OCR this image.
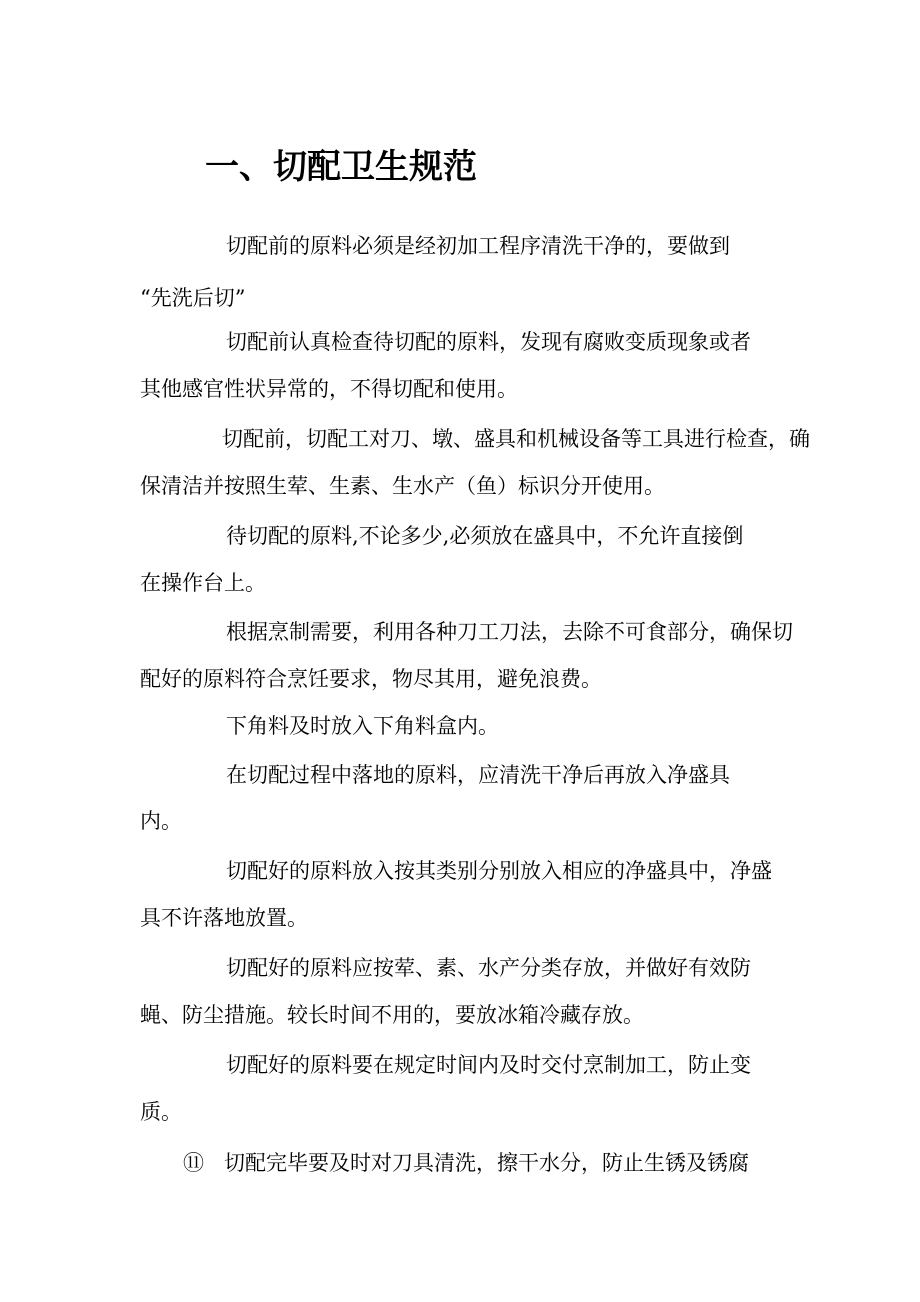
一、切配卫生规范
切配前的原料必须是经初加工程序清洗干净的，要做到
“先洗后切”
切配前认真检查待切配的原料，发现有腐败变质现象或者
其他感官性状异常的，不得切配和使用。
切配前，切配工对刀、墩、盛具和机械设备等工具进行检查，确
保清洁并按照生荤、生素、生水产（鱼）标识分开使用。
待切配的原料,不论多少,必须放在盛具中，不允许直接倒
在操作台上。
根据烹制需要，利用各种刀工刀法，去除不可食部分，确保切
配好的原料符合烹饪要求，物尽其用，避免浪费。
下角料及时放入下角料盒内。
在切配过程中落地的原料，应清洗干净后再放入净盛具
内。
切配好的原料放入按其类别分别放入相应的净盛具中，净盛
具不许落地放置。
切配好的原料应按荤、素、水产分类存放，并做好有效防
蝇、防尘措施。较长时间不用的，要放冰箱冷藏存放。
切配好的原料要在规定时间内及时交付烹制加工，防止变
质。
⑪ 切配完毕要及时对刀具清洗，擦干水分，防止生锈及锈腐
